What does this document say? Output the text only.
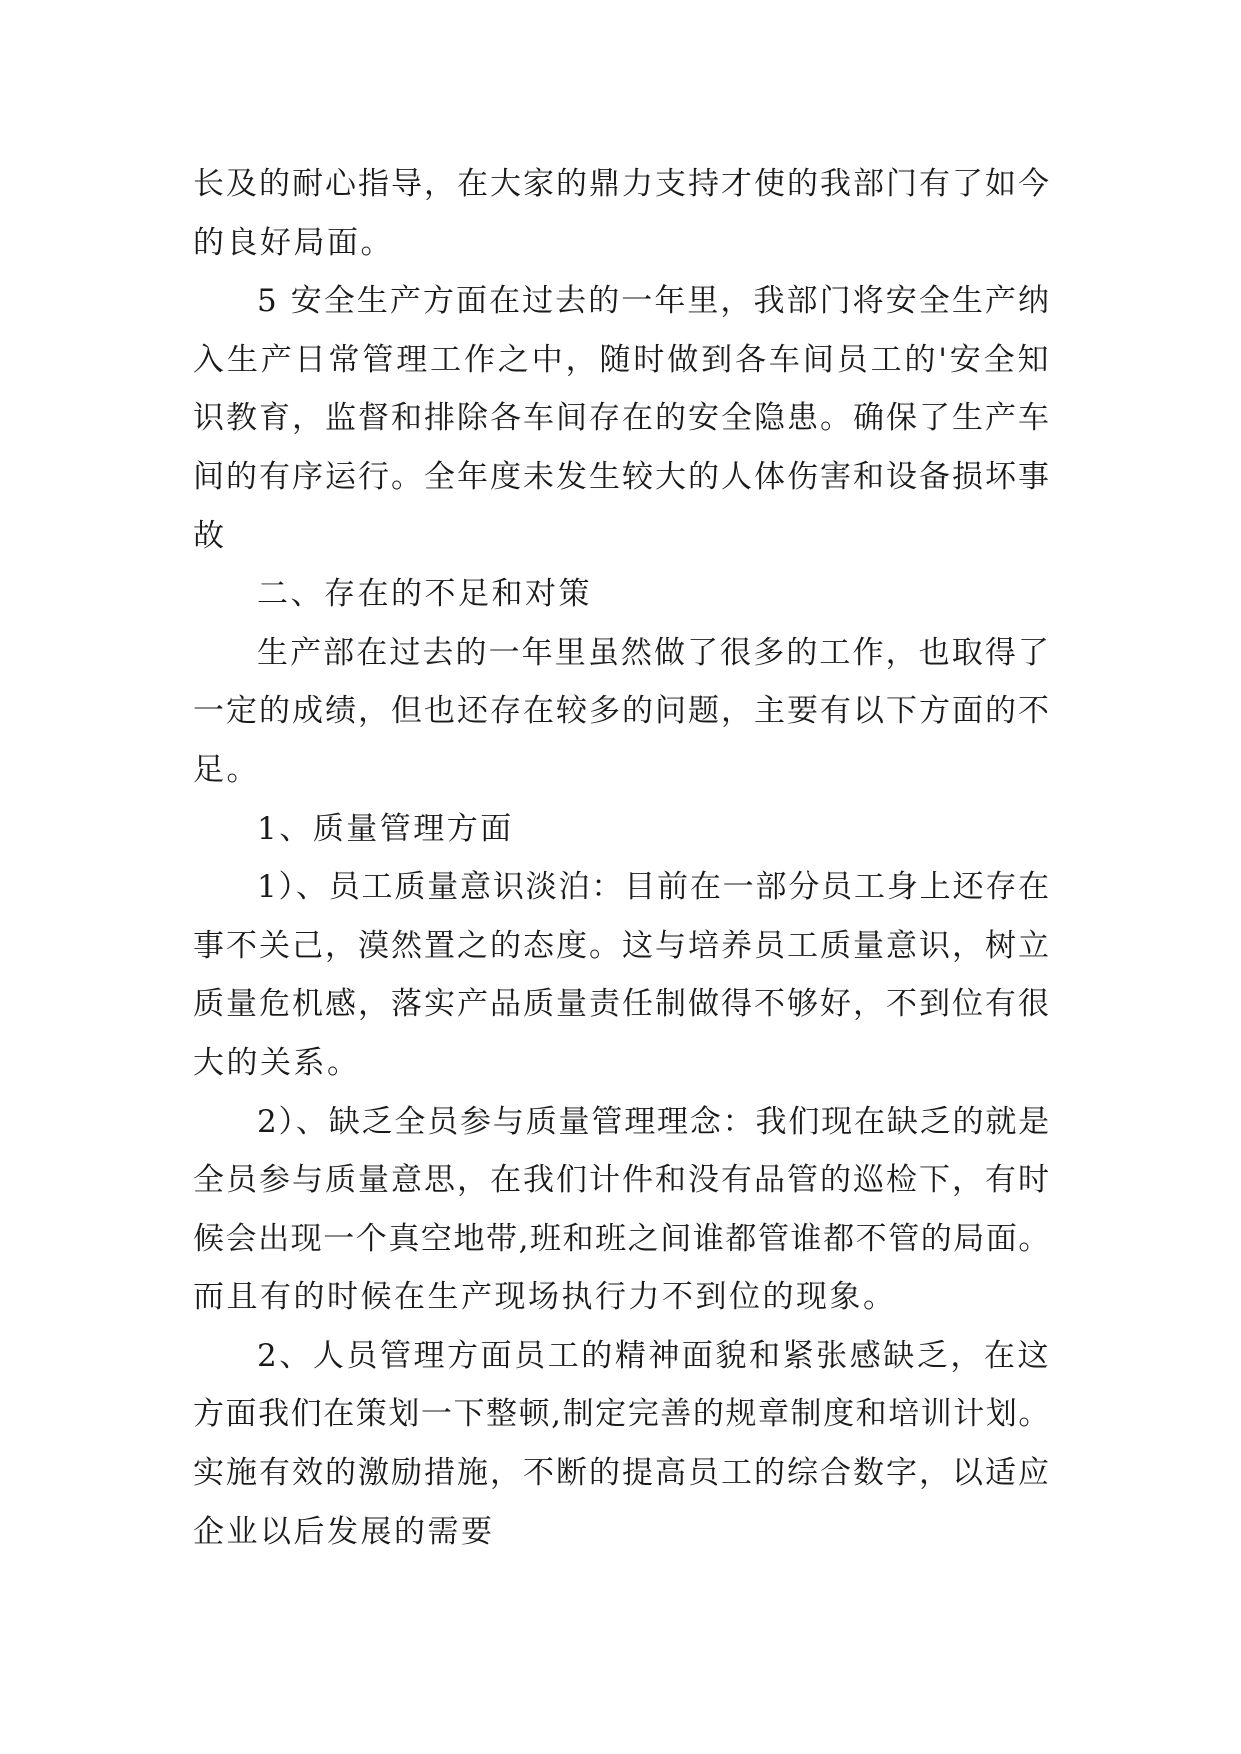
长及的耐心指导，在大家的鼎力支持才使的我部门有了如今
的良好局面。
5 安全生产方面在过去的一年里，我部门将安全生产纳
入生产日常管理工作之中，随时做到各车间员工的'安全知
识教育，监督和排除各车间存在的安全隐患。确保了生产车
间的有序运行。全年度未发生较大的人体伤害和设备损坏事
故
二、存在的不足和对策
生产部在过去的一年里虽然做了很多的工作，也取得了
一定的成绩，但也还存在较多的问题，主要有以下方面的不
足。
1、质量管理方面
1）、员工质量意识淡泊：目前在一部分员工身上还存在
事不关己，漠然置之的态度。这与培养员工质量意识，树立
质量危机感，落实产品质量责任制做得不够好，不到位有很
大的关系。
2）、缺乏全员参与质量管理理念：我们现在缺乏的就是
全员参与质量意思，在我们计件和没有品管的巡检下，有时
候会出现一个真空地带,班和班之间谁都管谁都不管的局面。
而且有的时候在生产现场执行力不到位的现象。
2、人员管理方面员工的精神面貌和紧张感缺乏，在这
方面我们在策划一下整顿,制定完善的规章制度和培训计划。
实施有效的激励措施，不断的提高员工的综合数字，以适应
企业以后发展的需要
